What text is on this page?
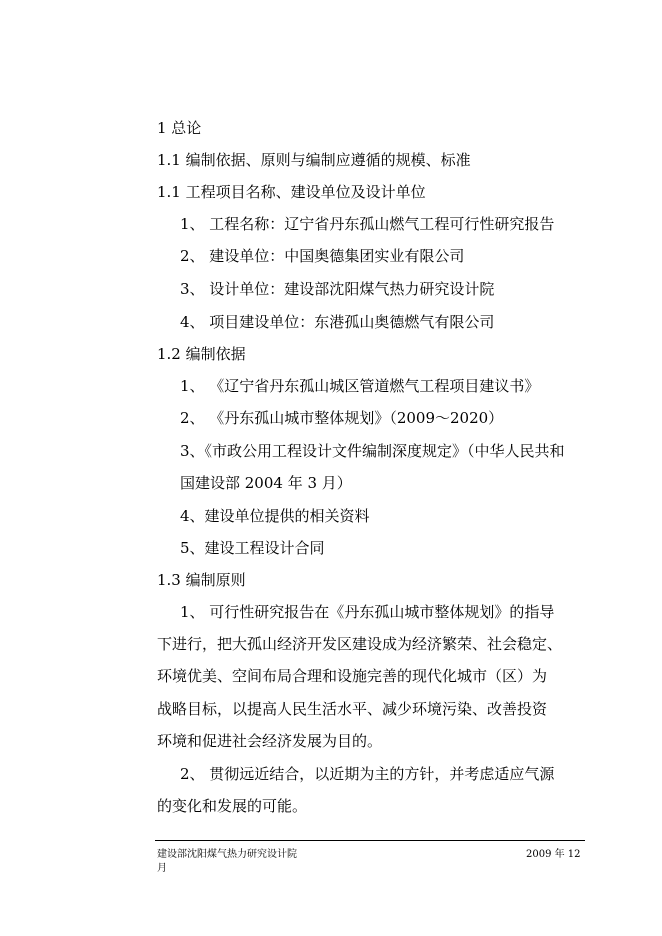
1 总论
1.1 编制依据、原则与编制应遵循的规模、标准
1.1 工程项目名称、建设单位及设计单位
1、 工程名称：辽宁省丹东孤山燃气工程可行性研究报告
2、 建设单位：中国奥德集团实业有限公司
3、 设计单位：建设部沈阳煤气热力研究设计院
4、 项目建设单位：东港孤山奥德燃气有限公司
1.2 编制依据
1、 《辽宁省丹东孤山城区管道燃气工程项目建议书》
2、 《丹东孤山城市整体规划》（2009～2020）
3、《市政公用工程设计文件编制深度规定》（中华人民共和
国建设部 2004 年 3 月）
4、建设单位提供的相关资料
5、建设工程设计合同
1.3 编制原则
1、 可行性研究报告在《丹东孤山城市整体规划》的指导
下进行，把大孤山经济开发区建设成为经济繁荣、社会稳定、
环境优美、空间布局合理和设施完善的现代化城市（区）为
战略目标，以提高人民生活水平、减少环境污染、改善投资
环境和促进社会经济发展为目的。
2、 贯彻远近结合，以近期为主的方针，并考虑适应气源
的变化和发展的可能。
建设部沈阳煤气热力研究设计院	2009 年 12
月
